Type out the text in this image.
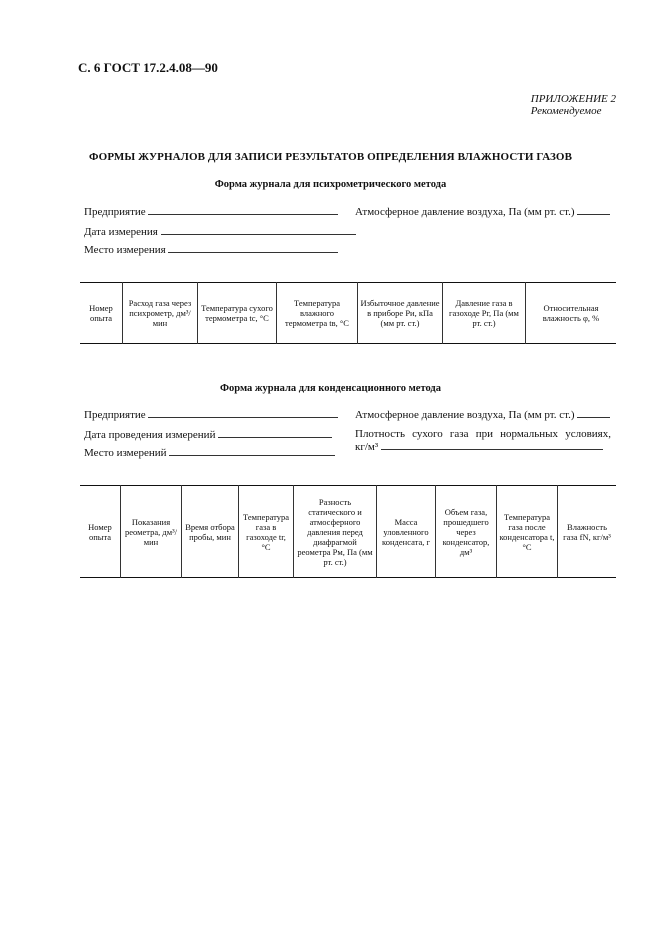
С. 6 ГОСТ 17.2.4.08—90
ПРИЛОЖЕНИЕ 2
Рекомендуемое
ФОРМЫ ЖУРНАЛОВ ДЛЯ ЗАПИСИ РЕЗУЛЬТАТОВ ОПРЕДЕЛЕНИЯ ВЛАЖНОСТИ ГАЗОВ
Форма журнала для психрометрического метода
Предприятие	Атмосферное давление воздуха, Па (мм рт. ст.)
Дата измерения
Место измерения
Номер опыта	Расход газа через психрометр, дм³/мин	Температура сухого термометра tс, °С	Температура влажного термометра tв, °С	Избыточное давление в приборе Pи, кПа (мм рт. ст.)	Давление газа в газоходе Pг, Па (мм рт. ст.)	Относительная влажность φ, %
Форма журнала для конденсационного метода
Предприятие	Атмосферное давление воздуха, Па (мм рт. ст.)
Дата проведения измерений	Плотность сухого газа при нормальных условиях,
кг/м³
Место измерений
Номер опыта	Показания реометра, дм³/мин	Время отбора пробы, мин	Температура газа в газоходе tг, °С	Разность статического и атмосферного давления перед диафрагмой реометра Pм, Па (мм рт. ст.)	Масса уловленного конденсата, г	Объем газа, прошедшего через конденсатор, дм³	Температура газа после конденсатора t, °С	Влажность газа fN, кг/м³
